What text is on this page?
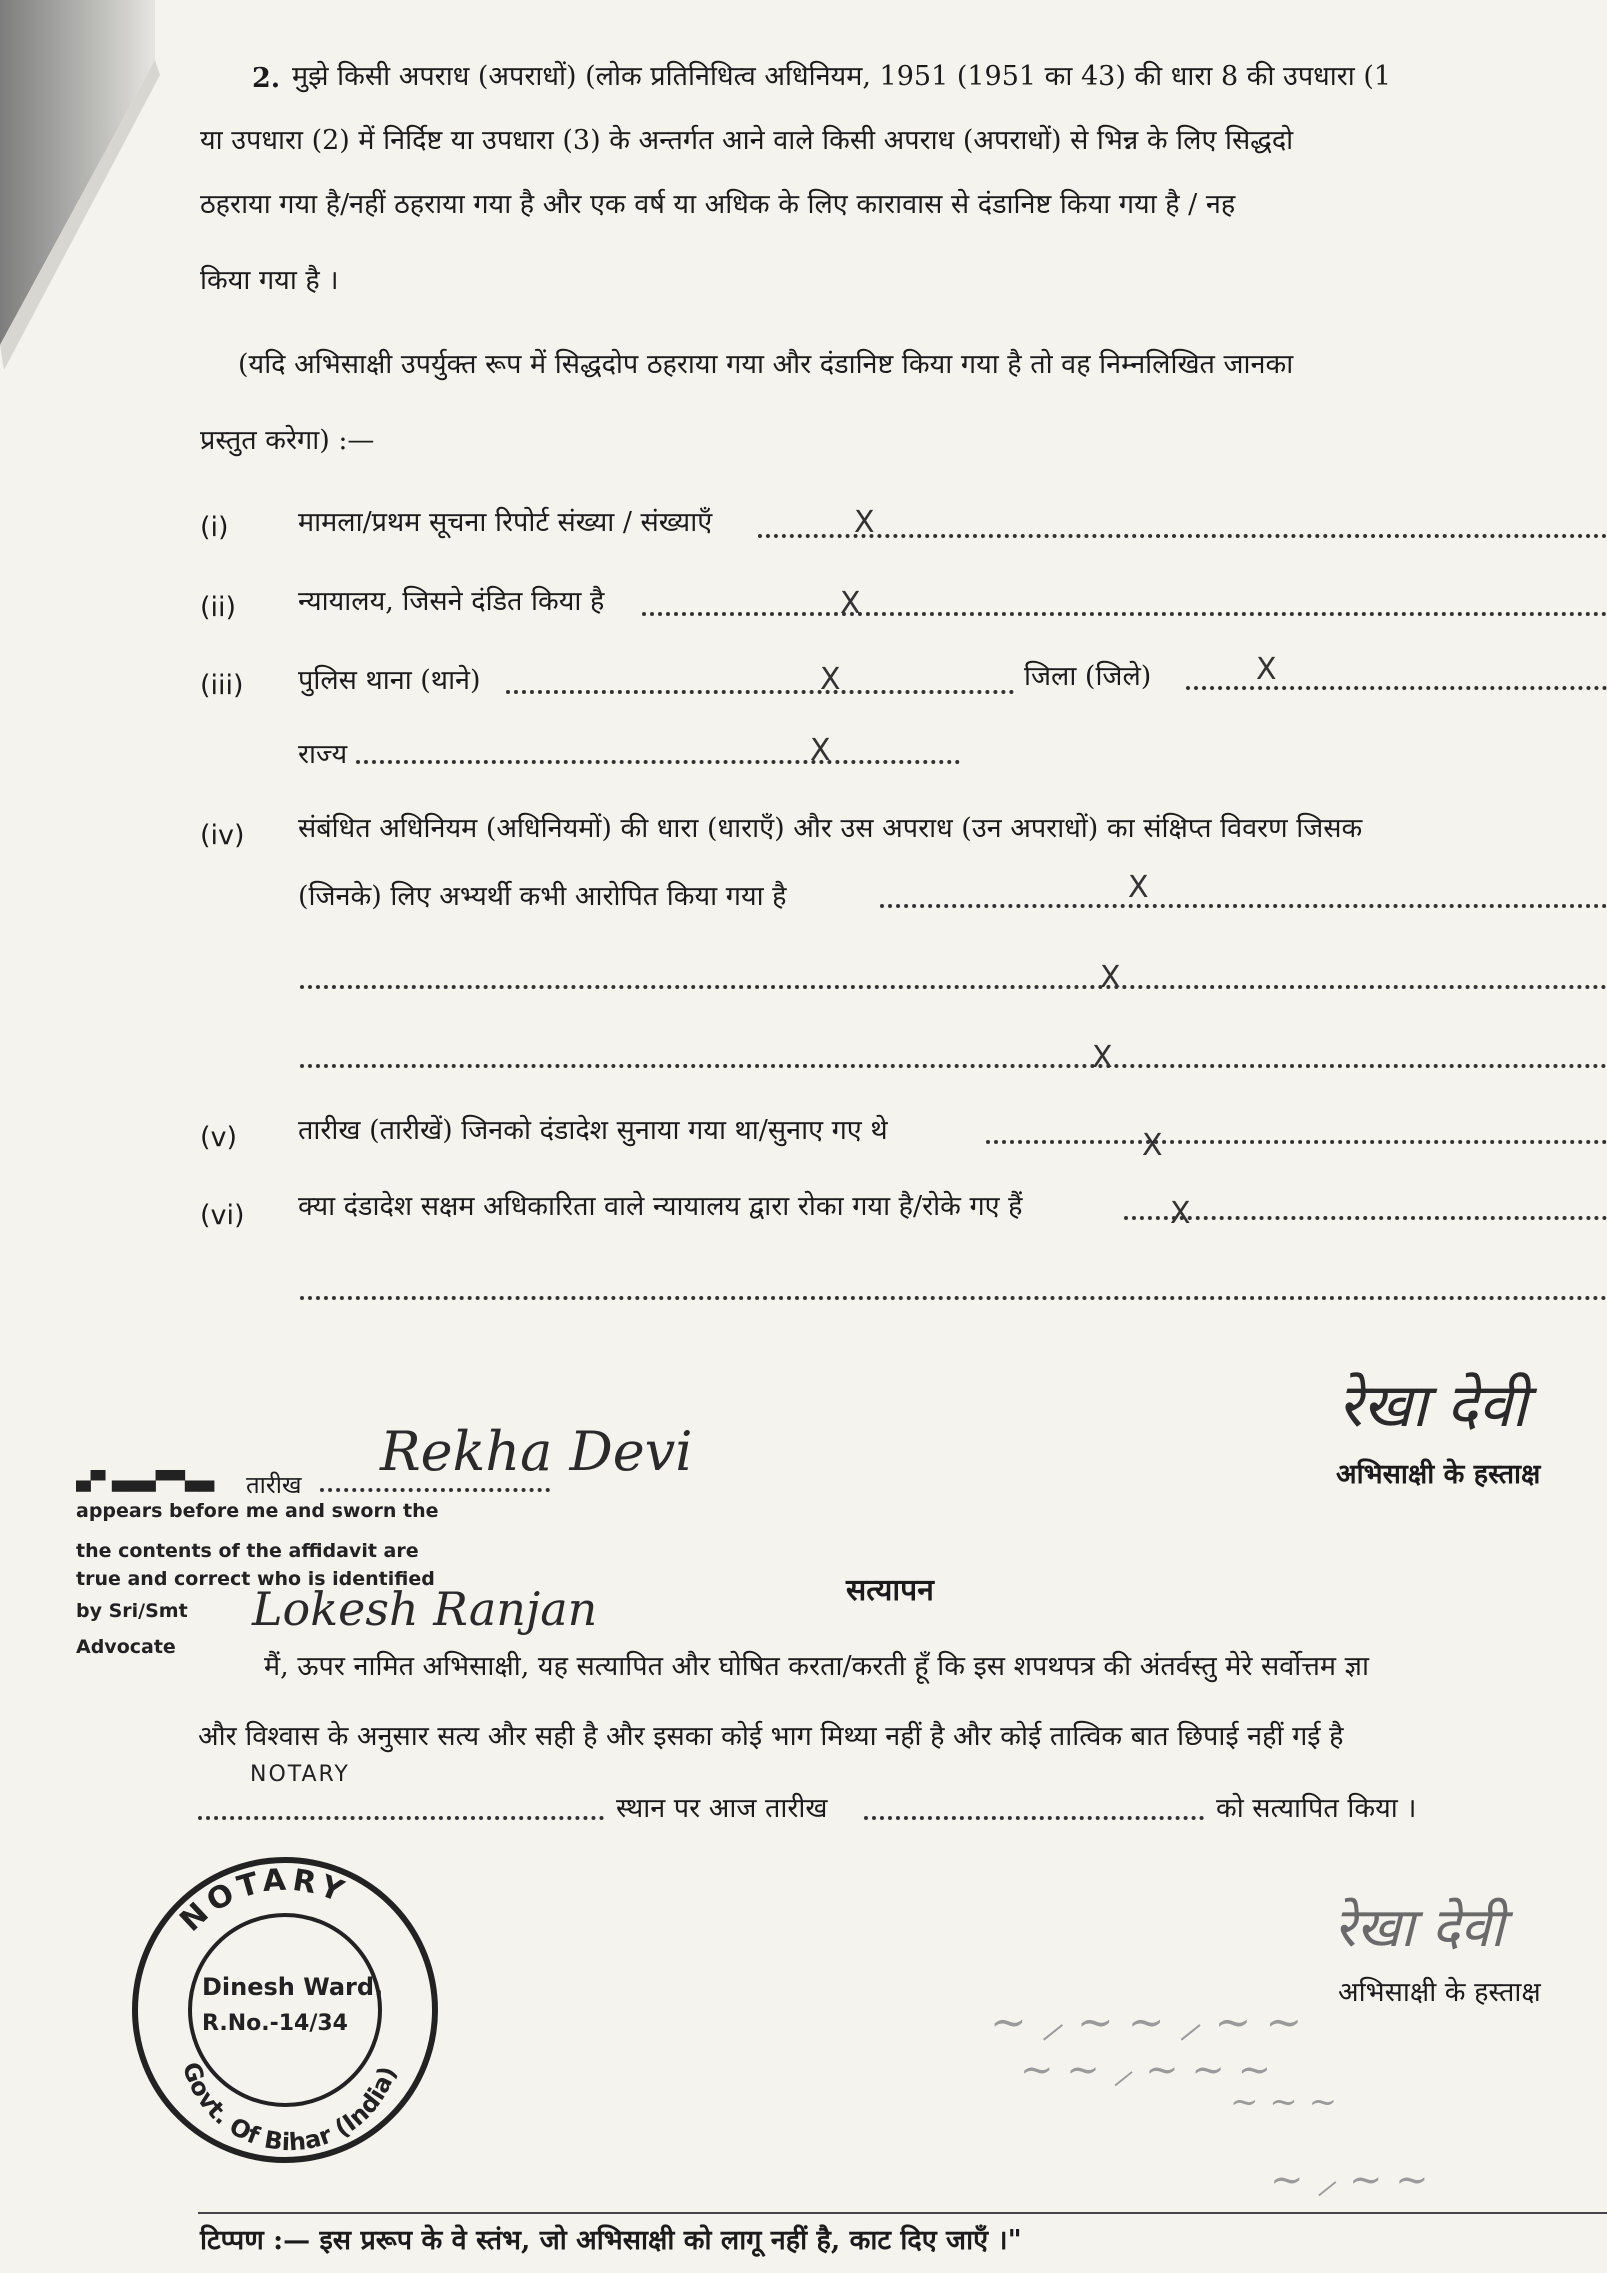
2. मुझे किसी अपराध (अपराधों) (लोक प्रतिनिधित्व अधिनियम, 1951 (1951 का 43) की धारा 8 की उपधारा (1
या उपधारा (2) में निर्दिष्ट या उपधारा (3) के अन्तर्गत आने वाले किसी अपराध (अपराधों) से भिन्न के लिए सिद्धदो
ठहराया गया है/नहीं ठहराया गया है और एक वर्ष या अधिक के लिए कारावास से दंडानिष्ट किया गया है / नह
किया गया है ।
(यदि अभिसाक्षी उपर्युक्त रूप में सिद्धदोप ठहराया गया और दंडानिष्ट किया गया है तो वह निम्नलिखित जानका
प्रस्तुत करेगा) :—
(i)	मामला/प्रथम सूचना रिपोर्ट संख्या / संख्याएँ	X
(ii) न्यायालय, जिसने दंडित किया है	X
(iii) पुलिस थाना (थाने)	X	जिला (जिले)	X
राज्य	X
(iv) संबंधित अधिनियम (अधिनियमों) की धारा (धाराएँ) और उस अपराध (उन अपराधों) का संक्षिप्त विवरण जिसक
(जिनके) लिए अभ्यर्थी कभी आरोपित किया गया है	X
X
X
(v) तारीख (तारीखें) जिनको दंडादेश सुनाया गया था/सुनाए गए थे	X
(vi) क्या दंडादेश सक्षम अधिकारिता वाले न्यायालय द्वारा रोका गया है/रोके गए हैं	X
रेखा देवी
अभिसाक्षी के हस्ताक्ष
तारीख
Rekha Devi
▄▀ ▄▄▄▀▀▄▄
appears before me and sworn the
the contents of the affidavit are
true and correct who is identified
by Sri/Smt
Advocate
Lokesh Ranjan
NOTARY
सत्यापन
मैं, ऊपर नामित अभिसाक्षी, यह सत्यापित और घोषित करता/करती हूँ कि इस शपथपत्र की अंतर्वस्तु मेरे सर्वोत्तम ज्ञा
और विश्वास के अनुसार सत्य और सही है और इसका कोई भाग मिथ्या नहीं है और कोई तात्विक बात छिपाई नहीं गई है
स्थान पर आज तारीख	को सत्यापित किया ।
रेखा देवी
अभिसाक्षी के हस्ताक्ष
~ ⸝ ~ ~ ⸝ ~ ~
~ ~ ⸝ ~ ~ ~
~ ~ ~
~ ⸝ ~ ~
NOTARY
Dinesh Ward.
R.No.-14/34
Govt. Of Bihar (India)
टिप्पण :— इस प्ररूप के वे स्तंभ, जो अभिसाक्षी को लागू नहीं है, काट दिए जाएँ ।"
